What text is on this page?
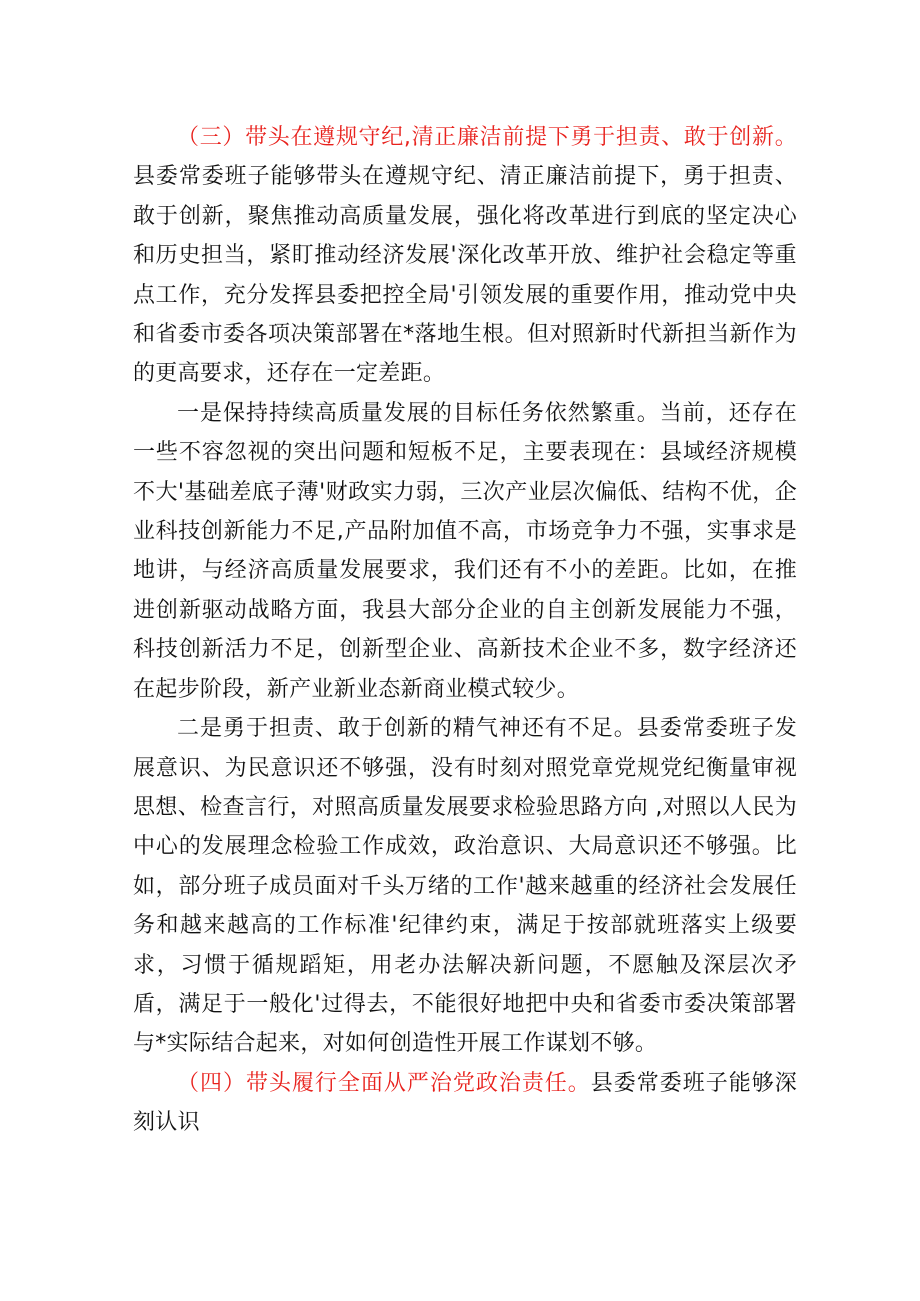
（三）带头在遵规守纪,清正廉洁前提下勇于担责、敢于创新。县委常委班子能够带头在遵规守纪、清正廉洁前提下，勇于担责、敢于创新，聚焦推动高质量发展，强化将改革进行到底的坚定决心和历史担当，紧盯推动经济发展'深化改革开放、维护社会稳定等重点工作，充分发挥县委把控全局'引领发展的重要作用，推动党中央和省委市委各项决策部署在*落地生根。但对照新时代新担当新作为的更高要求，还存在一定差距。

一是保持持续高质量发展的目标任务依然繁重。当前，还存在一些不容忽视的突出问题和短板不足，主要表现在：县域经济规模不大'基础差底子薄'财政实力弱，三次产业层次偏低、结构不优，企业科技创新能力不足,产品附加值不高，市场竞争力不强，实事求是地讲，与经济高质量发展要求，我们还有不小的差距。比如，在推进创新驱动战略方面，我县大部分企业的自主创新发展能力不强，科技创新活力不足，创新型企业、高新技术企业不多，数字经济还在起步阶段，新产业新业态新商业模式较少。

二是勇于担责、敢于创新的精气神还有不足。县委常委班子发展意识、为民意识还不够强，没有时刻对照党章党规党纪衡量审视思想、检查言行，对照高质量发展要求检验思路方向 ,对照以人民为中心的发展理念检验工作成效，政治意识、大局意识还不够强。比如，部分班子成员面对千头万绪的工作'越来越重的经济社会发展任务和越来越高的工作标准'纪律约束，满足于按部就班落实上级要求，习惯于循规蹈矩，用老办法解决新问题，不愿触及深层次矛盾，满足于一般化'过得去，不能很好地把中央和省委市委决策部署与*实际结合起来，对如何创造性开展工作谋划不够。

（四）带头履行全面从严治党政治责任。县委常委班子能够深刻认识
